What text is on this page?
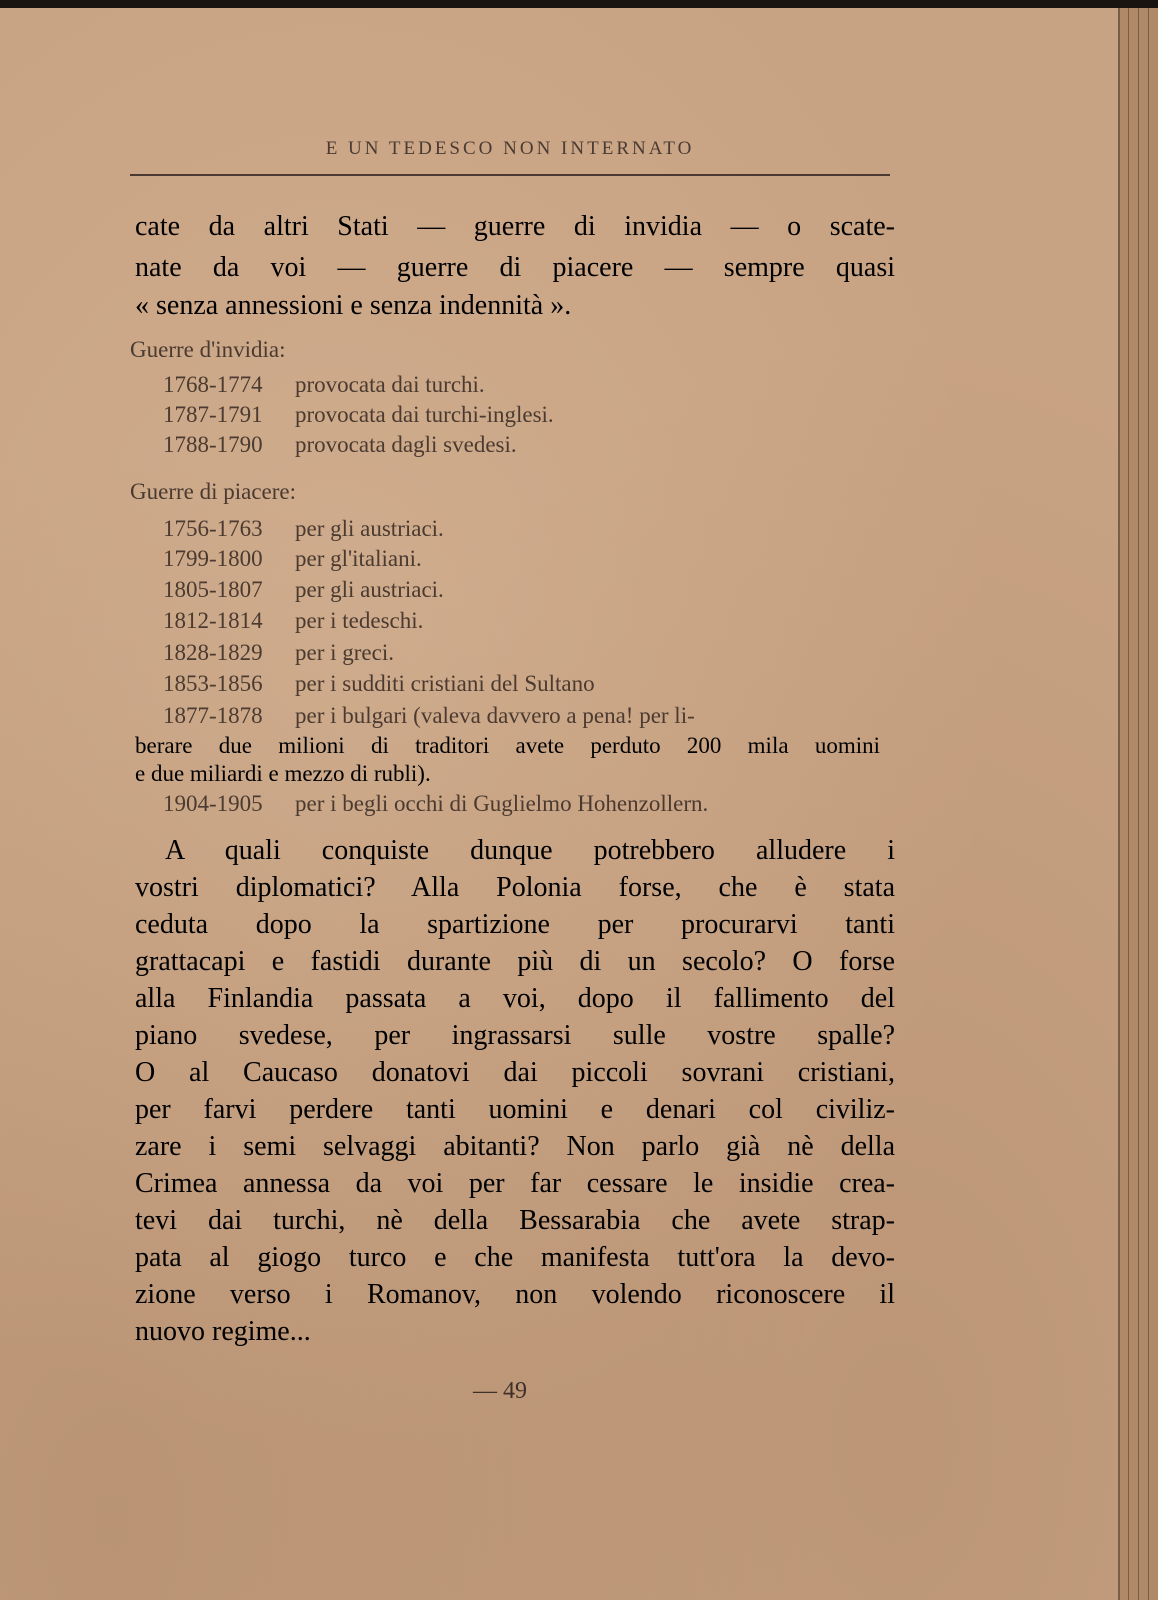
E UN TEDESCO NON INTERNATO
cate da altri Stati — guerre di invidia — o scate-
nate da voi — guerre di piacere — sempre quasi
« senza annessioni e senza indennità ».
Guerre d'invidia:
1768-1774 provocata dai turchi.
1787-1791 provocata dai turchi-inglesi.
1788-1790 provocata dagli svedesi.
Guerre di piacere:
1756-1763 per gli austriaci.
1799-1800 per gl'italiani.
1805-1807 per gli austriaci.
1812-1814 per i tedeschi.
1828-1829 per i greci.
1853-1856 per i sudditi cristiani del Sultano
1877-1878 per i bulgari (valeva davvero a pena! per li-
berare due milioni di traditori avete perduto 200 mila uomini
e due miliardi e mezzo di rubli).
1904-1905 per i begli occhi di Guglielmo Hohenzollern.
A quali conquiste dunque potrebbero alludere i
vostri diplomatici? Alla Polonia forse, che è stata
ceduta dopo la spartizione per procurarvi tanti
grattacapi e fastidi durante più di un secolo? O forse
alla Finlandia passata a voi, dopo il fallimento del
piano svedese, per ingrassarsi sulle vostre spalle?
O al Caucaso donatovi dai piccoli sovrani cristiani,
per farvi perdere tanti uomini e denari col civiliz-
zare i semi selvaggi abitanti? Non parlo già nè della
Crimea annessa da voi per far cessare le insidie crea-
tevi dai turchi, nè della Bessarabia che avete strap-
pata al giogo turco e che manifesta tutt'ora la devo-
zione verso i Romanov, non volendo riconoscere il
nuovo regime...
— 49
